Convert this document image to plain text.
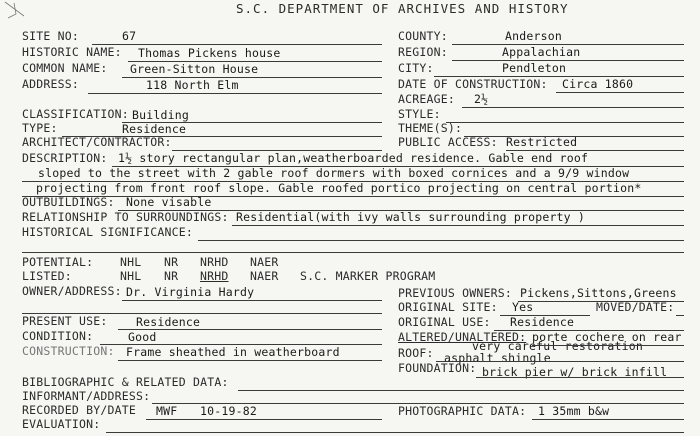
S.C. DEPARTMENT OF ARCHIVES AND HISTORY
SITE NO:	67
HISTORIC NAME: Thomas Pickens house
COMMON NAME: Green-Sitton House
ADDRESS:	118 North Elm
CLASSIFICATION: Building
TYPE:	Residence
ARCHITECT/CONTRACTOR:
COUNTY:	Anderson
REGION:	Appalachian
CITY:	Pendleton
DATE OF CONSTRUCTION: Circa 1860
ACREAGE: 2½
STYLE:
THEME(S):
PUBLIC ACCESS: Restricted
DESCRIPTION: 1½ story rectangular plan,weatherboarded residence. Gable end roof
sloped to the street with 2 gable roof dormers with boxed cornices and a 9/9 window
projecting from front roof slope. Gable roofed portico projecting on central portion*
OUTBUILDINGS: None visable
RELATIONSHIP TO SURROUNDINGS: Residential(with ivy walls surrounding property )
HISTORICAL SIGNIFICANCE:
POTENTIAL: NHL NR NRHD NAER
LISTED:	NHL NR NRHD NAER S.C. MARKER PROGRAM
OWNER/ADDRESS: Dr. Virginia Hardy
PRESENT USE: Residence
CONDITION:	Good
CONSTRUCTION: Frame sheathed in weatherboard
PREVIOUS OWNERS: Pickens,Sittons,Greens
ORIGINAL SITE: Yes	MOVED/DATE:
ORIGINAL USE: Residence
ALTERED/UNALTERED: porte cochere on rear
very careful restoration
ROOF: asphalt shingle
FOUNDATION: brick pier w/ brick infill
BIBLIOGRAPHIC & RELATED DATA:
INFORMANT/ADDRESS:
RECORDED BY/DATE MWF 10-19-82	PHOTOGRAPHIC DATA: 1 35mm b&w
EVALUATION:
